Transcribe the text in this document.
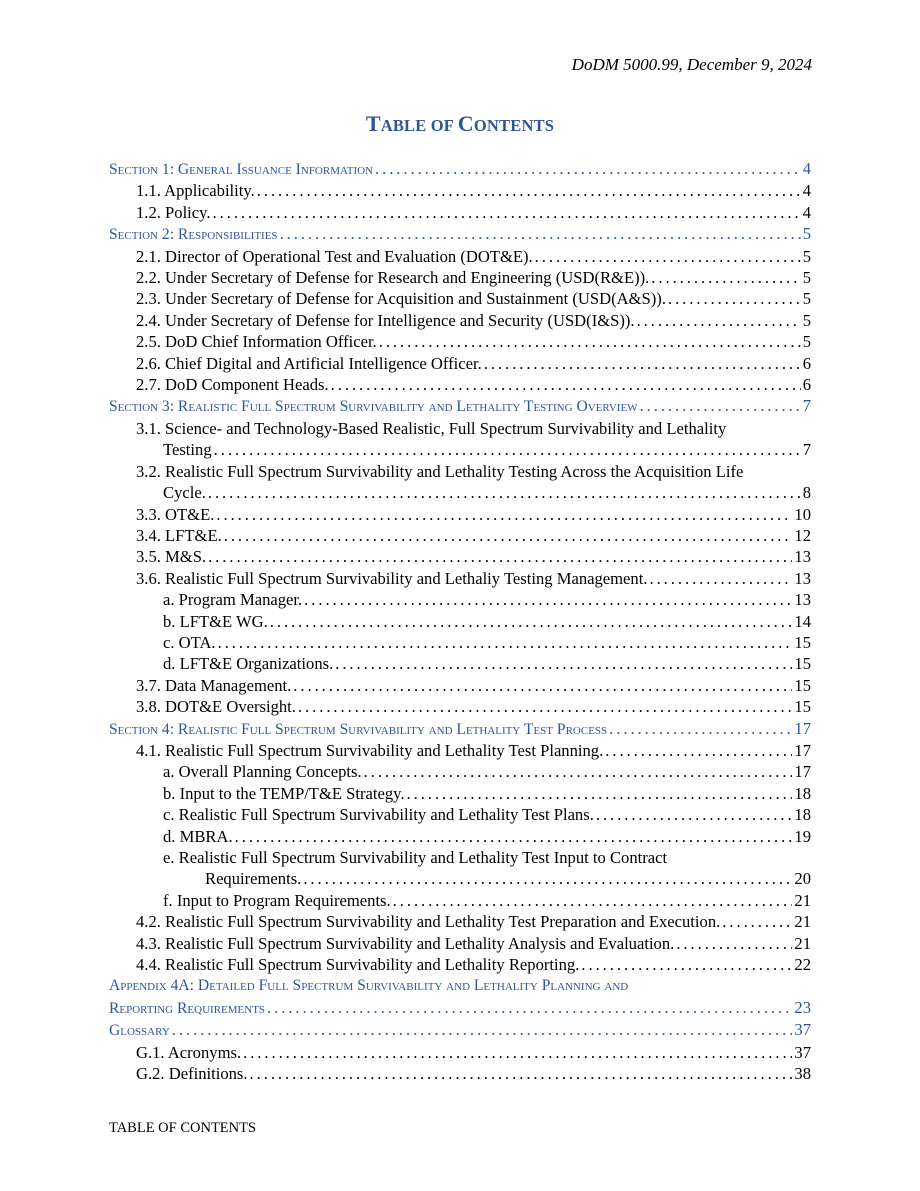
DoDM 5000.99, December 9, 2024
TABLE OF CONTENTS
Section 1: General Issuance Information . . .	4
1.1. Applicability. . . .	4
1.2. Policy. . . .	4
Section 2: Responsibilities . . .	5
2.1. Director of Operational Test and Evaluation (DOT&E). . . .	5
2.2. Under Secretary of Defense for Research and Engineering (USD(R&E)). . . .	5
2.3. Under Secretary of Defense for Acquisition and Sustainment (USD(A&S)). . . .	5
2.4. Under Secretary of Defense for Intelligence and Security (USD(I&S)). . . .	5
2.5. DoD Chief Information Officer. . . .	5
2.6. Chief Digital and Artificial Intelligence Officer. . . .	6
2.7. DoD Component Heads. . . .	6
Section 3: Realistic Full Spectrum Survivability and Lethality Testing Overview . . .	7
3.1. Science- and Technology-Based Realistic, Full Spectrum Survivability and Lethality
Testing . . .	7
3.2. Realistic Full Spectrum Survivability and Lethality Testing Across the Acquisition Life
Cycle. . . .	8
3.3. OT&E. . . .	10
3.4. LFT&E. . . .	12
3.5. M&S. . . .	13
3.6. Realistic Full Spectrum Survivability and Lethaliy Testing Management. . . .	13
a. Program Manager. . . .	13
b. LFT&E WG. . . .	14
c. OTA. . . .	15
d. LFT&E Organizations. . . .	15
3.7. Data Management. . . .	15
3.8. DOT&E Oversight. . . .	15
Section 4: Realistic Full Spectrum Survivability and Lethality Test Process . . .	17
4.1. Realistic Full Spectrum Survivability and Lethality Test Planning. . . .	17
a. Overall Planning Concepts. . . .	17
b. Input to the TEMP/T&E Strategy. . . .	18
c. Realistic Full Spectrum Survivability and Lethality Test Plans. . . .	18
d. MBRA. . . .	19
e. Realistic Full Spectrum Survivability and Lethality Test Input to Contract
Requirements. . . .	20
f. Input to Program Requirements. . . .	21
4.2. Realistic Full Spectrum Survivability and Lethality Test Preparation and Execution. . . .	21
4.3. Realistic Full Spectrum Survivability and Lethality Analysis and Evaluation. . . .	21
4.4. Realistic Full Spectrum Survivability and Lethality Reporting. . . .	22
Appendix 4A: Detailed Full Spectrum Survivability and Lethality Planning and
Reporting Requirements . . .	23
Glossary . . .	37
G.1. Acronyms. . . .	37
G.2. Definitions. . . .	38
TABLE OF CONTENTS
